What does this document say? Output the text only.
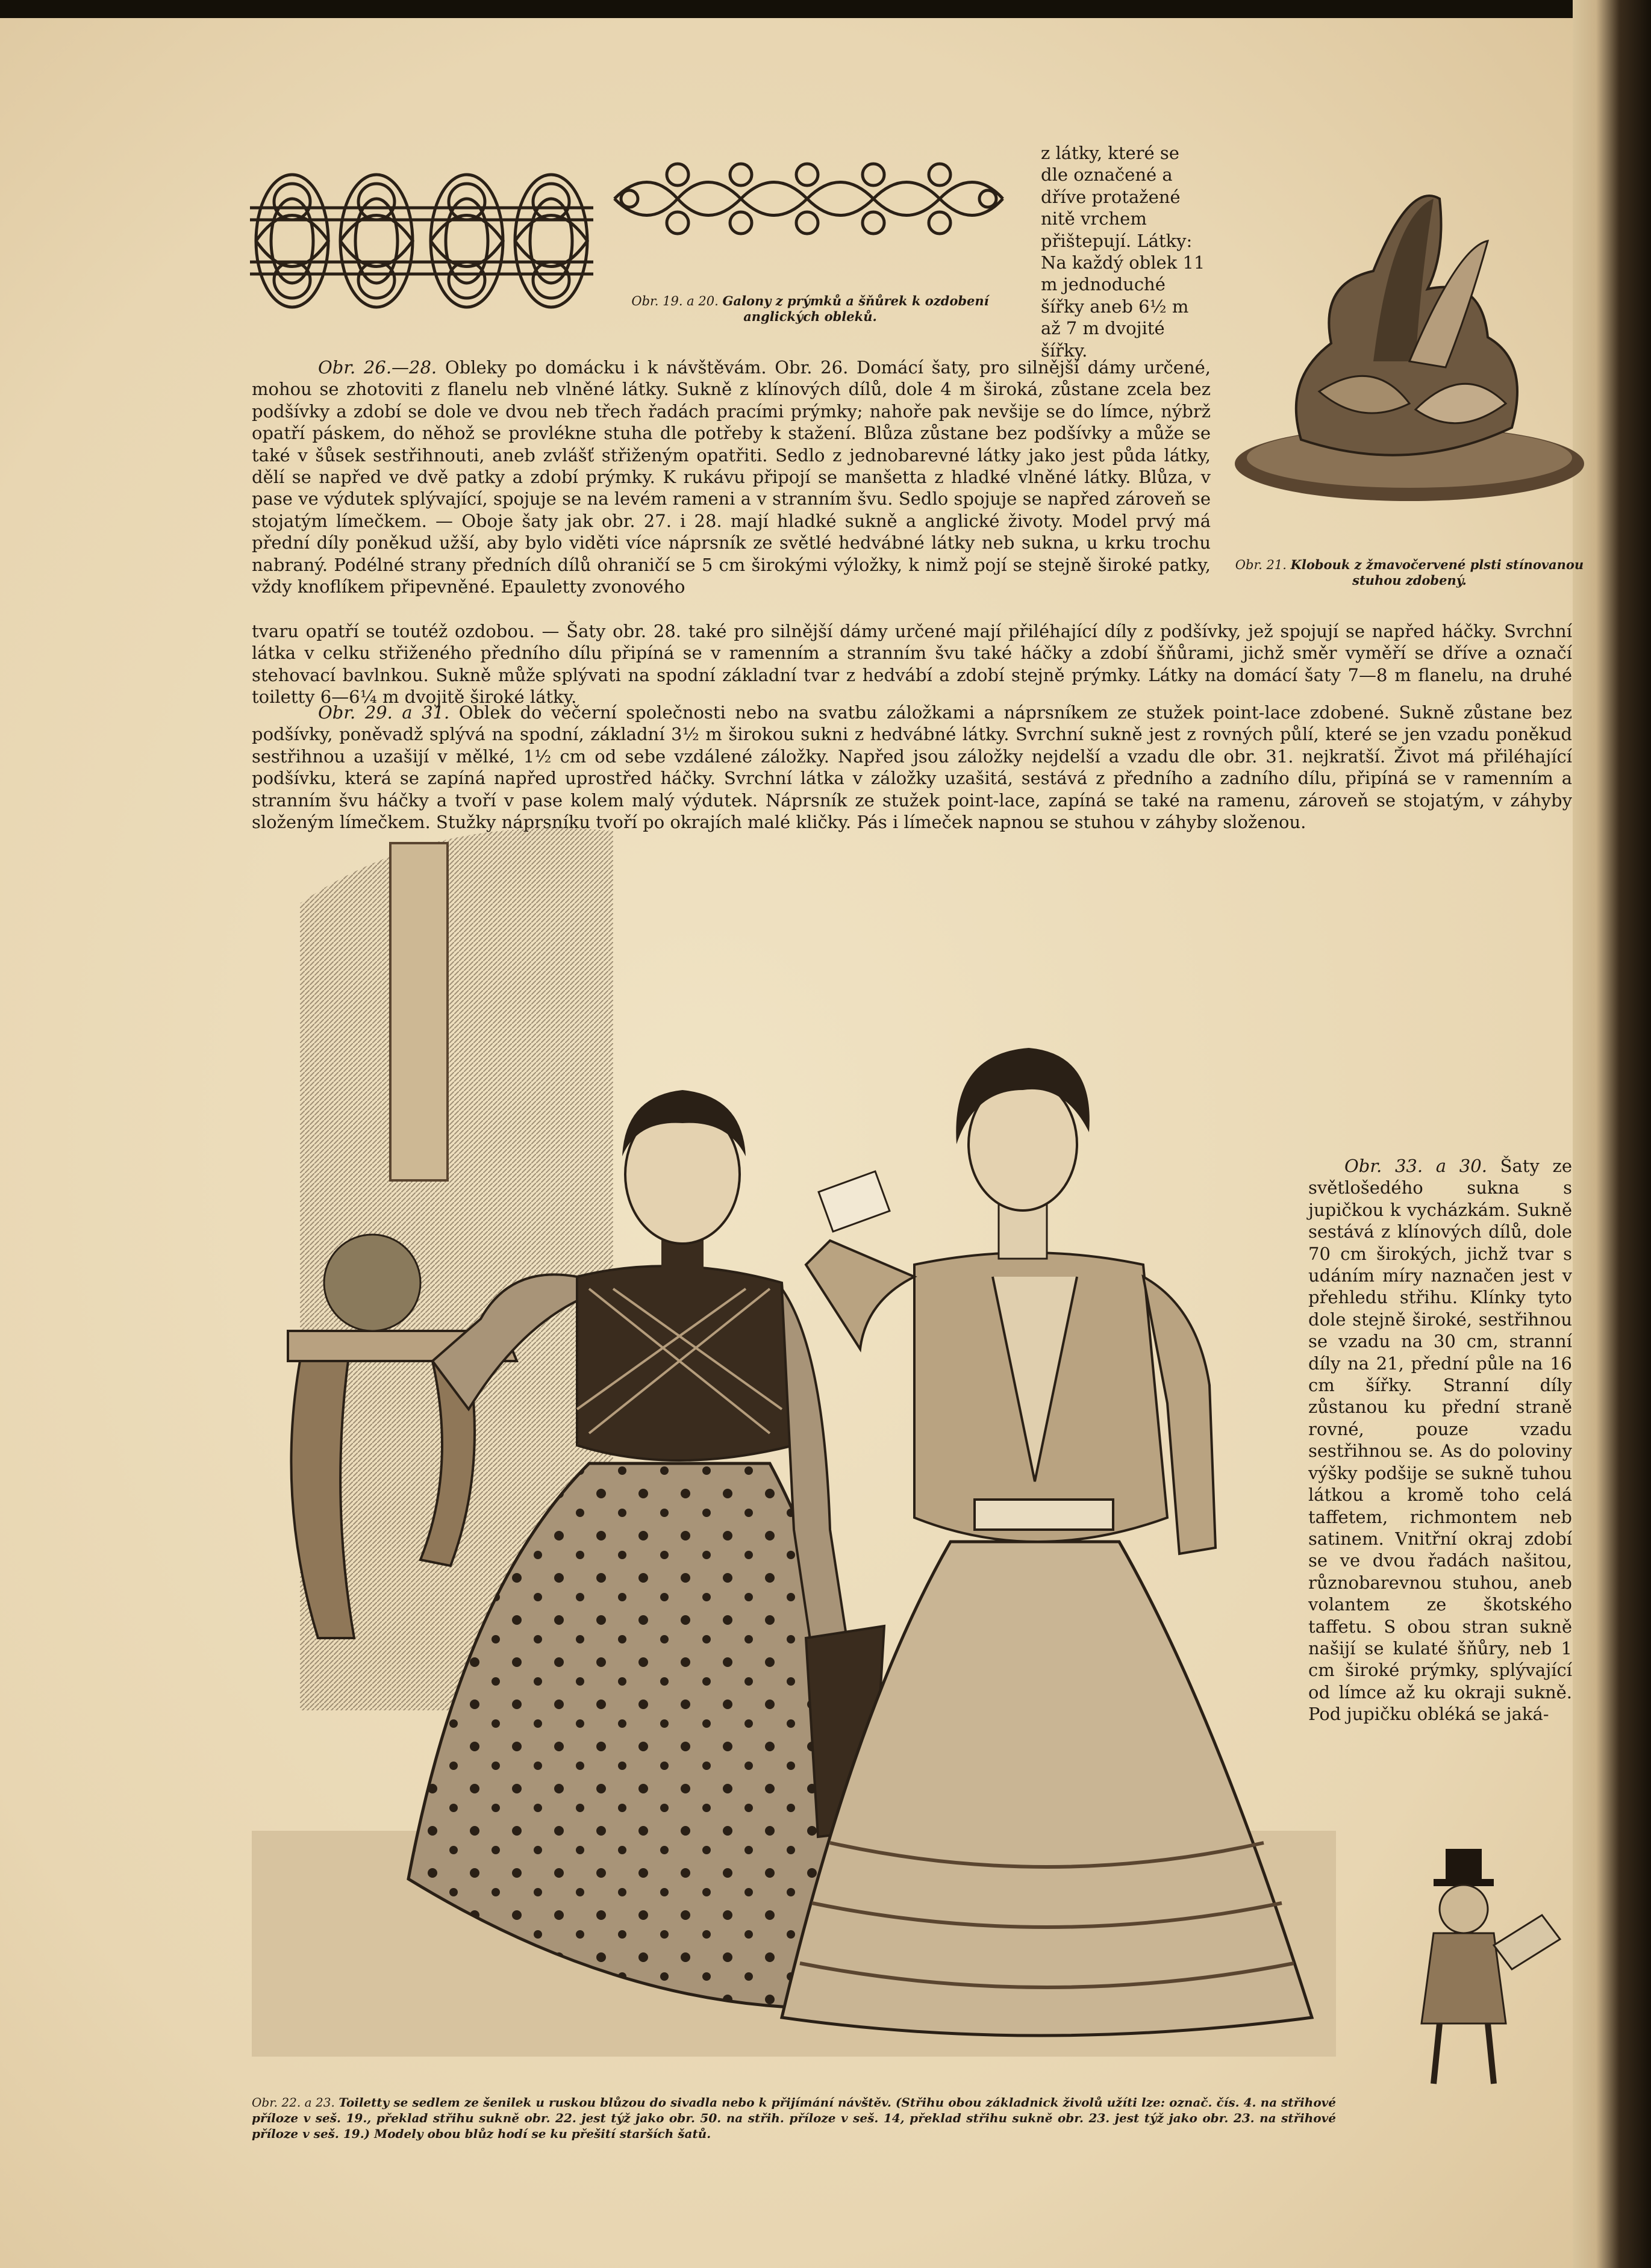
Obr. 19. a 20. Galony z prýmků a šňůrek k ozdobení anglických obleků.
Obr. 21. Klobouk z žmavočervené plsti stínovanou stuhou zdobený.

z látky, které se dle označené a dříve protažené nitě vrchem přištepují. Látky: Na každý oblek 11 m jednoduché šířky aneb 6½ m až 7 m dvojité šířky.

Obr. 26.—28. Obleky po domácku i k návštěvám. Obr. 26. Domácí šaty, pro silnější dámy určené, mohou se zhotoviti z flanelu neb vlněné látky. Sukně z klínových dílů, dole 4 m široká, zůstane zcela bez podšívky a zdobí se dole ve dvou neb třech řadách pracími prýmky; nahoře pak nevšije se do límce, nýbrž opatří páskem, do něhož se provlékne stuha dle potřeby k stažení. Blůza zůstane bez podšívky a může se také v šůsek sestřihnouti, aneb zvlášť střiženým opatřiti. Sedlo z jednobarevné látky jako jest půda látky, dělí se napřed ve dvě patky a zdobí prýmky. K rukávu připojí se manšetta z hladké vlněné látky. Blůza, v pase ve výdutek splývající, spojuje se na levém rameni a v stranním švu. Sedlo spojuje se napřed zároveň se stojatým límečkem. — Oboje šaty jak obr. 27. i 28. mají hladké sukně a anglické životy. Model prvý má přední díly poněkud užší, aby bylo viděti více náprsník ze světlé hedvábné látky neb sukna, u krku trochu nabraný. Podélné strany předních dílů ohraničí se 5 cm širokými výložky, k nimž pojí se stejně široké patky, vždy knoflíkem připevněné. Epauletty zvonového

tvaru opatří se toutéž ozdobou. — Šaty obr. 28. také pro silnější dámy určené mají přiléhající díly z podšívky, jež spojují se napřed háčky. Svrchní látka v celku střiženého předního dílu připíná se v ramenním a stranním švu také háčky a zdobí šňůrami, jichž směr vyměří se dříve a označí stehovací bavlnkou. Sukně může splývati na spodní základní tvar z hedvábí a zdobí stejně prýmky. Látky na domácí šaty 7—8 m flanelu, na druhé toiletty 6—6¼ m dvojitě široké látky.

Obr. 29. a 31. Oblek do večerní společnosti nebo na svatbu záložkami a náprsníkem ze stužek point-lace zdobené. Sukně zůstane bez podšívky, poněvadž splývá na spodní, základní 3½ m širokou sukni z hedvábné látky. Svrchní sukně jest z rovných půlí, které se jen vzadu poněkud sestřihnou a uzašijí v mělké, 1½ cm od sebe vzdálené záložky. Napřed jsou záložky nejdelší a vzadu dle obr. 31. nejkratší. Život má přiléhající podšívku, která se zapíná napřed uprostřed háčky. Svrchní látka v záložky uzašitá, sestává z předního a zadního dílu, připíná se v ramenním a stranním švu háčky a tvoří v pase kolem malý výdutek. Náprsník ze stužek point-lace, zapíná se také na ramenu, zároveň se stojatým, v záhyby složeným límečkem. Stužky náprsníku tvoří po okrajích malé kličky. Pás i límeček napnou se stuhou v záhyby složenou.

Obr. 33. a 30. Šaty ze světlošedého sukna s jupičkou k vycházkám. Sukně sestává z klínových dílů, dole 70 cm širokých, jichž tvar s udáním míry naznačen jest v přehledu střihu. Klínky tyto dole stejně široké, sestřihnou se vzadu na 30 cm, stranní díly na 21, přední půle na 16 cm šířky. Stranní díly zůstanou ku přední straně rovné, pouze vzadu sestřihnou se. As do poloviny výšky podšije se sukně tuhou látkou a kromě toho celá taffetem, richmontem neb satinem. Vnitřní okraj zdobí se ve dvou řadách našitou, různobarevnou stuhou, aneb volantem ze škotského taffetu. S obou stran sukně našijí se kulaté šňůry, neb 1 cm široké prýmky, splývající od límce až ku okraji sukně. Pod jupičku obléká se jaká-

Obr. 22. a 23. Toiletty se sedlem ze šenilek u ruskou blůzou do sivadla nebo k přijímání návštěv. (Střihu obou základnick živolů užíti lze: označ. čís. 4. na střihové příloze v seš. 19., překlad střihu sukně obr. 22. jest týž jako obr. 50. na střih. příloze v seš. 14, překlad střihu sukně obr. 23. jest týž jako obr. 23. na střihové příloze v seš. 19.) Modely obou blůz hodí se ku přešití starších šatů.
